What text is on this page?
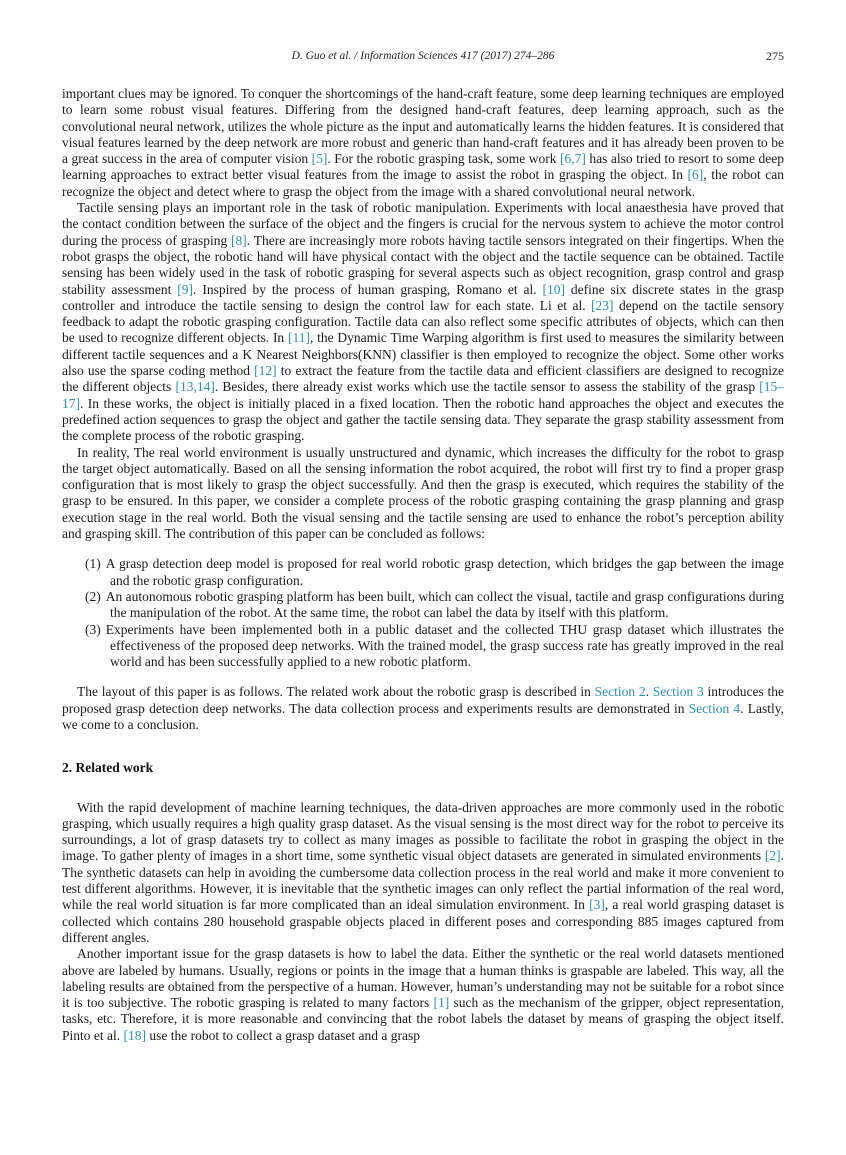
D. Guo et al. / Information Sciences 417 (2017) 274–286	275

important clues may be ignored. To conquer the shortcomings of the hand-craft feature, some deep learning techniques are employed to learn some robust visual features. Differing from the designed hand-craft features, deep learning approach, such as the convolutional neural network, utilizes the whole picture as the input and automatically learns the hidden features. It is considered that visual features learned by the deep network are more robust and generic than hand-craft features and it has already been proven to be a great success in the area of computer vision [5]. For the robotic grasping task, some work [6,7] has also tried to resort to some deep learning approaches to extract better visual features from the image to assist the robot in grasping the object. In [6], the robot can recognize the object and detect where to grasp the object from the image with a shared convolutional neural network.

Tactile sensing plays an important role in the task of robotic manipulation. Experiments with local anaesthesia have proved that the contact condition between the surface of the object and the fingers is crucial for the nervous system to achieve the motor control during the process of grasping [8]. There are increasingly more robots having tactile sensors integrated on their fingertips. When the robot grasps the object, the robotic hand will have physical contact with the object and the tactile sequence can be obtained. Tactile sensing has been widely used in the task of robotic grasping for several aspects such as object recognition, grasp control and grasp stability assessment [9]. Inspired by the process of human grasping, Romano et al. [10] define six discrete states in the grasp controller and introduce the tactile sensing to design the control law for each state. Li et al. [23] depend on the tactile sensory feedback to adapt the robotic grasping configuration. Tactile data can also reflect some specific attributes of objects, which can then be used to recognize different objects. In [11], the Dynamic Time Warping algorithm is first used to measures the similarity between different tactile sequences and a K Nearest Neighbors(KNN) classifier is then employed to recognize the object. Some other works also use the sparse coding method [12] to extract the feature from the tactile data and efficient classifiers are designed to recognize the different objects [13,14]. Besides, there already exist works which use the tactile sensor to assess the stability of the grasp [15–17]. In these works, the object is initially placed in a fixed location. Then the robotic hand approaches the object and executes the predefined action sequences to grasp the object and gather the tactile sensing data. They separate the grasp stability assessment from the complete process of the robotic grasping.

In reality, The real world environment is usually unstructured and dynamic, which increases the difficulty for the robot to grasp the target object automatically. Based on all the sensing information the robot acquired, the robot will first try to find a proper grasp configuration that is most likely to grasp the object successfully. And then the grasp is executed, which requires the stability of the grasp to be ensured. In this paper, we consider a complete process of the robotic grasping containing the grasp planning and grasp execution stage in the real world. Both the visual sensing and the tactile sensing are used to enhance the robot’s perception ability and grasping skill. The contribution of this paper can be concluded as follows:

(1) A grasp detection deep model is proposed for real world robotic grasp detection, which bridges the gap between the image and the robotic grasp configuration.
(2) An autonomous robotic grasping platform has been built, which can collect the visual, tactile and grasp configurations during the manipulation of the robot. At the same time, the robot can label the data by itself with this platform.
(3) Experiments have been implemented both in a public dataset and the collected THU grasp dataset which illustrates the effectiveness of the proposed deep networks. With the trained model, the grasp success rate has greatly improved in the real world and has been successfully applied to a new robotic platform.

The layout of this paper is as follows. The related work about the robotic grasp is described in Section 2. Section 3 introduces the proposed grasp detection deep networks. The data collection process and experiments results are demonstrated in Section 4. Lastly, we come to a conclusion.

2. Related work

With the rapid development of machine learning techniques, the data-driven approaches are more commonly used in the robotic grasping, which usually requires a high quality grasp dataset. As the visual sensing is the most direct way for the robot to perceive its surroundings, a lot of grasp datasets try to collect as many images as possible to facilitate the robot in grasping the object in the image. To gather plenty of images in a short time, some synthetic visual object datasets are generated in simulated environments [2]. The synthetic datasets can help in avoiding the cumbersome data collection process in the real world and make it more convenient to test different algorithms. However, it is inevitable that the synthetic images can only reflect the partial information of the real word, while the real world situation is far more complicated than an ideal simulation environment. In [3], a real world grasping dataset is collected which contains 280 household graspable objects placed in different poses and corresponding 885 images captured from different angles.

Another important issue for the grasp datasets is how to label the data. Either the synthetic or the real world datasets mentioned above are labeled by humans. Usually, regions or points in the image that a human thinks is graspable are labeled. This way, all the labeling results are obtained from the perspective of a human. However, human’s understanding may not be suitable for a robot since it is too subjective. The robotic grasping is related to many factors [1] such as the mechanism of the gripper, object representation, tasks, etc. Therefore, it is more reasonable and convincing that the robot labels the dataset by means of grasping the object itself. Pinto et al. [18] use the robot to collect a grasp dataset and a grasp
